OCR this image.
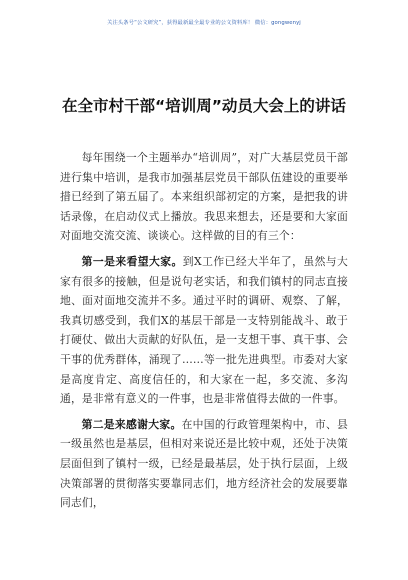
关注头条号“公文研究”，获得最新最全最专业的公文资料库！ 微信：gongwenyj
在全市村干部“培训周”动员大会上的讲话

每年围绕一个主题举办“培训周”，对广大基层党员干部进行集中培训，是我市加强基层党员干部队伍建设的重要举措已经到了第五届了。本来组织部初定的方案，是把我的讲话录像，在启动仪式上播放。我思来想去，还是要和大家面对面地交流交流、谈谈心。这样做的目的有三个：

第一是来看望大家。到X工作已经大半年了，虽然与大家有很多的接触，但是说句老实话，和我们镇村的同志直接地、面对面地交流并不多。通过平时的调研、观察、了解，我真切感受到，我们X的基层干部是一支特别能战斗、敢于打硬仗、做出大贡献的好队伍，是一支想干事、真干事、会干事的优秀群体，涌现了……等一批先进典型。市委对大家是高度肯定、高度信任的，和大家在一起，多交流、多沟通，是非常有意义的一件事，也是非常值得去做的一件事。

第二是来感谢大家。在中国的行政管理架构中，市、县一级虽然也是基层，但相对来说还是比较中观，还处于决策层面但到了镇村一级，已经是最基层，处于执行层面，上级决策部署的贯彻落实要靠同志们，地方经济社会的发展要靠同志们，
